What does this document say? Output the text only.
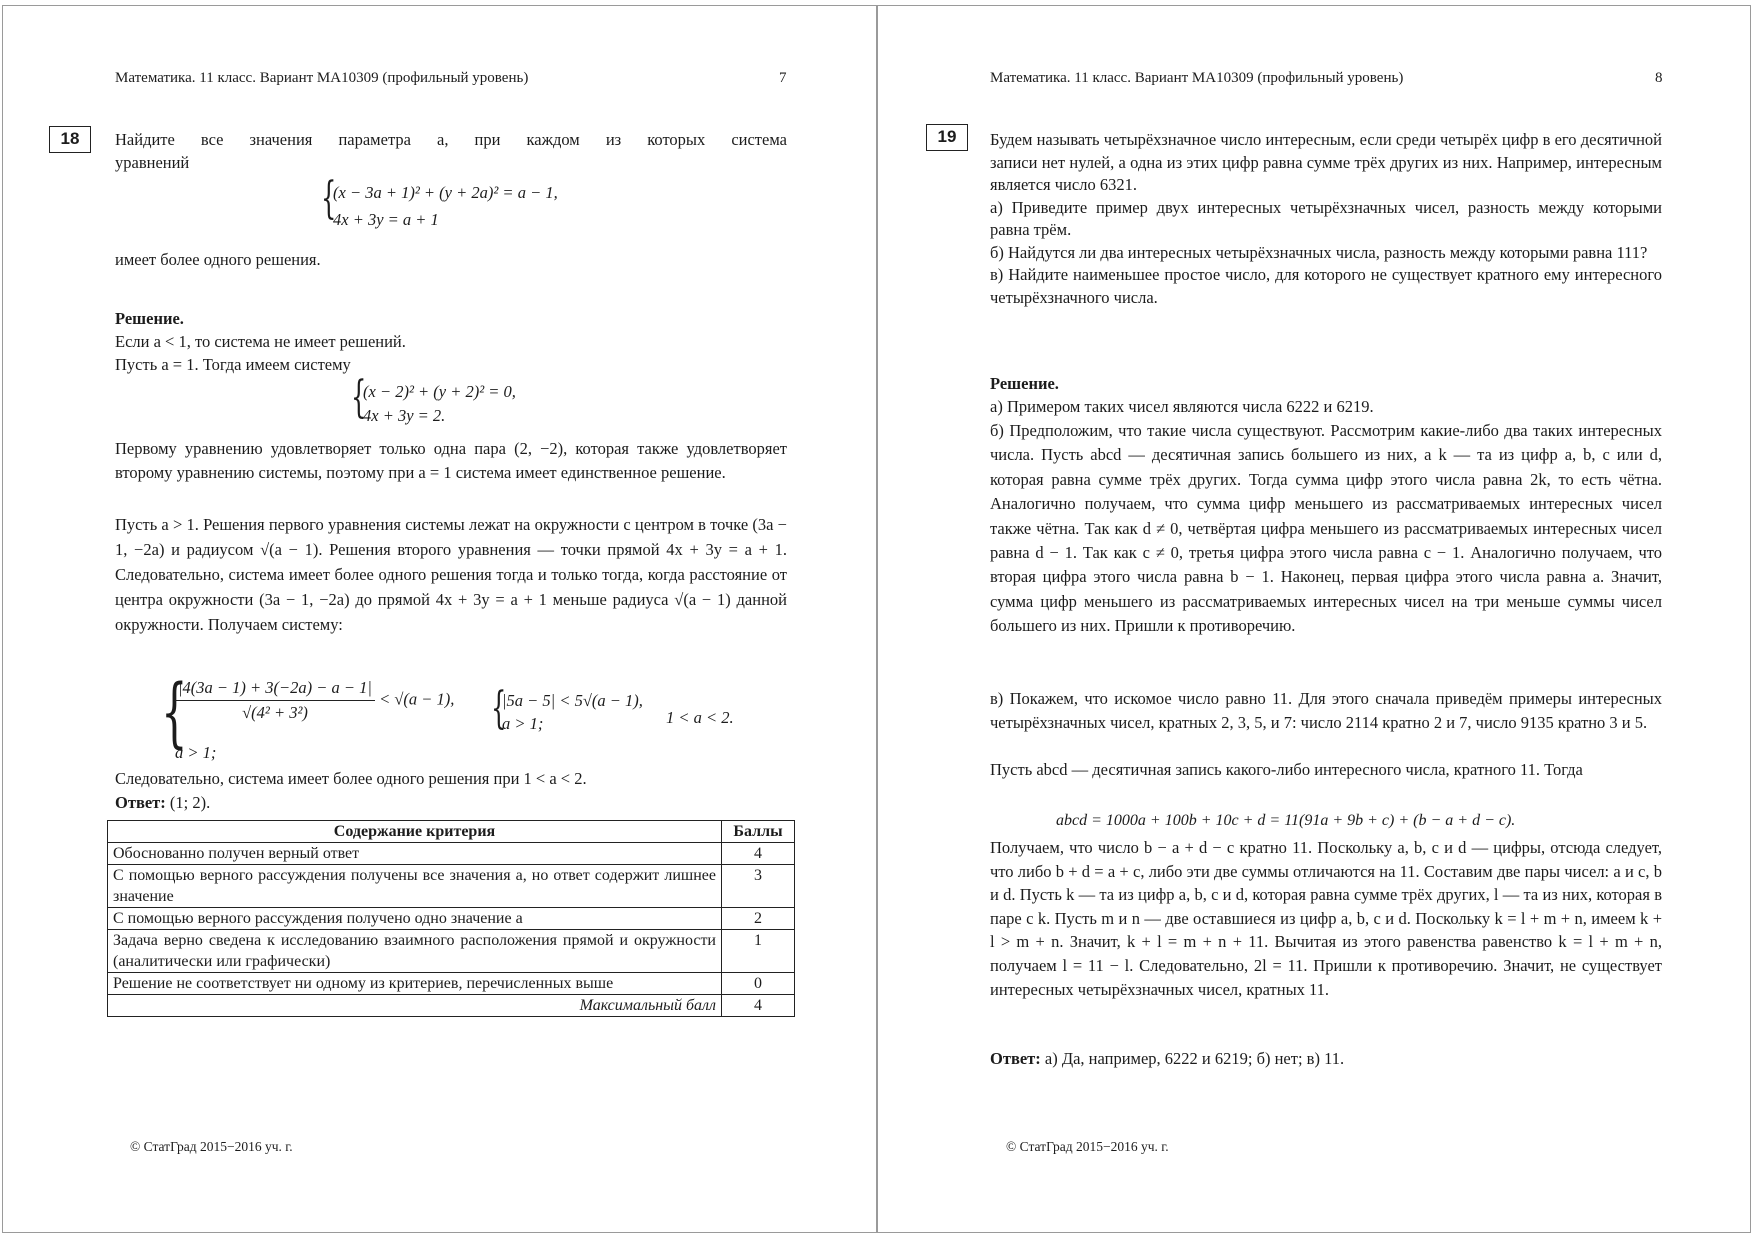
Математика. 11 класс. Вариант МА10309 (профильный уровень)	7
18	Найдите все значения параметра a, при каждом из которых система

уравнений

{
(x − 3a + 1)² + (y + 2a)² = a − 1,
4x + 3y = a + 1
имеет более одного решения.
Решение.
Если a < 1, то система не имеет решений.
Пусть a = 1. Тогда имеем систему
{
(x − 2)² + (y + 2)² = 0,
4x + 3y = 2.
Первому уравнению удовлетворяет только одна пара (2, −2), которая также удовлетворяет второму уравнению системы, поэтому при a = 1 система имеет единственное решение.
Пусть a > 1. Решения первого уравнения системы лежат на окружности с центром в точке (3a − 1, −2a) и радиусом √(a − 1). Решения второго уравнения — точки прямой 4x + 3y = a + 1. Следовательно, система имеет более одного решения тогда и только тогда, когда расстояние от центра окружности (3a − 1, −2a) до прямой 4x + 3y = a + 1 меньше радиуса √(a − 1) данной окружности. Получаем систему:
{
$\frac{|4(3a - 1) + 3(-2a) - a - 1|}{\text{√(4² + 3²)}} < √(a - 1)$,
a > 1;
{
|5a − 5| < 5√(a − 1),
a > 1;	1 < a < 2.
Следовательно, система имеет более одного решения при 1 < a < 2.
Ответ: (1; 2).
Содержание критерия	Баллы
Обоснованно получен верный ответ	4
С помощью верного рассуждения получены все значения a, но ответ содержит лишнее значение	3
С помощью верного рассуждения получено одно значение a	2
Задача верно сведена к исследованию взаимного расположения прямой и окружности (аналитически или графически)	1
Решение не соответствует ни одному из критериев, перечисленных выше	0
Максимальный балл	4
© СтатГрад 2015−2016 уч. г.
Математика. 11 класс. Вариант МА10309 (профильный уровень)	8
19	Будем называть четырёхзначное число интересным, если среди четырёх цифр в его десятичной записи нет нулей, а одна из этих цифр равна сумме трёх других из них. Например, интересным является число 6321.

а) Приведите пример двух интересных четырёхзначных чисел, разность между которыми равна трём.

б) Найдутся ли два интересных четырёхзначных числа, разность между которыми равна 111?

в) Найдите наименьшее простое число, для которого не существует кратного ему интересного четырёхзначного числа.

Решение.
а) Примером таких чисел являются числа 6222 и 6219.
б) Предположим, что такие числа существуют. Рассмотрим какие-либо два таких интересных числа. Пусть abcd — десятичная запись большего из них, а k — та из цифр a, b, c или d, которая равна сумме трёх других. Тогда сумма цифр этого числа равна 2k, то есть чётна. Аналогично получаем, что сумма цифр меньшего из рассматриваемых интересных чисел также чётна. Так как d ≠ 0, четвёртая цифра меньшего из рассматриваемых интересных чисел равна d − 1. Так как c ≠ 0, третья цифра этого числа равна c − 1. Аналогично получаем, что вторая цифра этого числа равна b − 1. Наконец, первая цифра этого числа равна a. Значит, сумма цифр меньшего из рассматриваемых интересных чисел на три меньше суммы чисел большего из них. Пришли к противоречию.
в) Покажем, что искомое число равно 11. Для этого сначала приведём примеры интересных четырёхзначных чисел, кратных 2, 3, 5, и 7: число 2114 кратно 2 и 7, число 9135 кратно 3 и 5.
Пусть abcd — десятичная запись какого-либо интересного числа, кратного 11. Тогда
abcd = 1000a + 100b + 10c + d = 11(91a + 9b + c) + (b − a + d − c).
Получаем, что число b − a + d − c кратно 11. Поскольку a, b, c и d — цифры, отсюда следует, что либо b + d = a + c, либо эти две суммы отличаются на 11. Составим две пары чисел: a и c, b и d. Пусть k — та из цифр a, b, c и d, которая равна сумме трёх других, l — та из них, которая в паре с k. Пусть m и n — две оставшиеся из цифр a, b, c и d. Поскольку k = l + m + n, имеем k + l > m + n. Значит, k + l = m + n + 11. Вычитая из этого равенства равенство k = l + m + n, получаем l = 11 − l. Следовательно, 2l = 11. Пришли к противоречию. Значит, не существует интересных четырёхзначных чисел, кратных 11.
Ответ: а) Да, например, 6222 и 6219; б) нет; в) 11.
© СтатГрад 2015−2016 уч. г.
